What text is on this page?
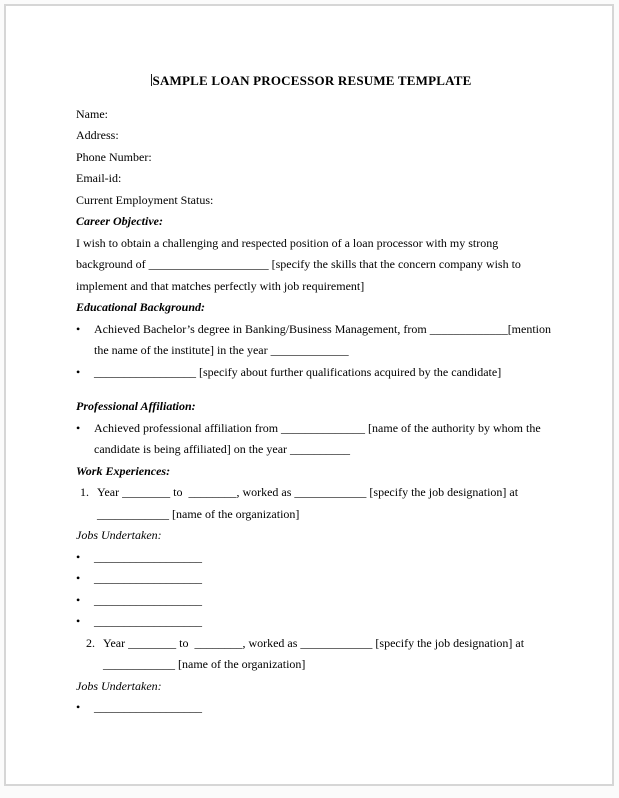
SAMPLE LOAN PROCESSOR RESUME TEMPLATE
Name:
Address:
Phone Number:
Email-id:
Current Employment Status:
Career Objective:
I wish to obtain a challenging and respected position of a loan processor with my strong
background of ____________________ [specify the skills that the concern company wish to
implement and that matches perfectly with job requirement]
Educational Background:
•	Achieved Bachelor’s degree in Banking/Business Management, from _____________[mention
the name of the institute] in the year _____________
•	_________________ [specify about further qualifications acquired by the candidate]
Professional Affiliation:
•	Achieved professional affiliation from ______________ [name of the authority by whom the
candidate is being affiliated] on the year __________
Work Experiences:
1. Year ________ to  ________, worked as ____________ [specify the job designation] at
____________ [name of the organization]
Jobs Undertaken:
•	__________________
•	__________________
•	__________________
•	__________________
2. Year ________ to  ________, worked as ____________ [specify the job designation] at
____________ [name of the organization]
Jobs Undertaken:
•	__________________
